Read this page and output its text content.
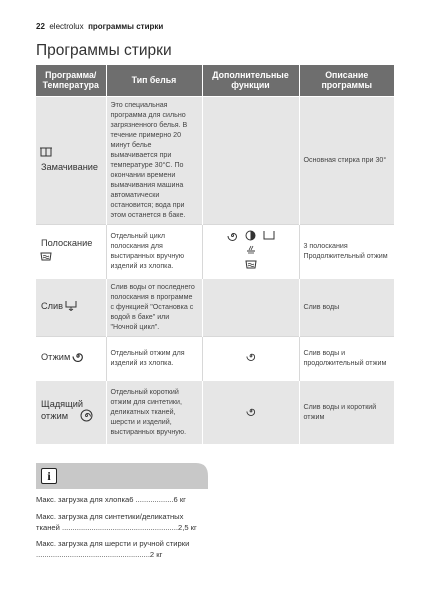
22 electrolux программы стирки
Программы стирки
Программа/ Температура	Тип белья	Дополнительные функции	Описание программы

Замачивание	Это специальная программа для сильно загрязненного белья. В течение примерно 20 минут белье вымачивается при температуре 30°C. По окончании времени вымачивания машина автоматически остановится; вода при этом останется в баке.		Основная стирка при 30°

Полоскание	Отдельный цикл полоскания для выстиранных вручную изделий из хлопка.		3 полоскания Продолжительный отжим
Слив	Слив воды от последнего полоскания в программе с функцией "Остановка с водой в баке" или "Ночной цикл".		Слив воды
Отжим	Отдельный отжим для изделий из хлопка.		Слив воды и продолжительный отжим
Щадящий отжим	Отдельный короткий отжим для синтетики, деликатных тканей, шерсти и изделий, выстиранных вручную.		Слив воды и короткий отжим
i
Макс. загрузка для хлопка6 ..................6 кг
Макс. загрузка для синтетики/деликатных тканей .......................................................2,5 кг
Макс. загрузка для шерсти и ручной стирки ......................................................2 кг
